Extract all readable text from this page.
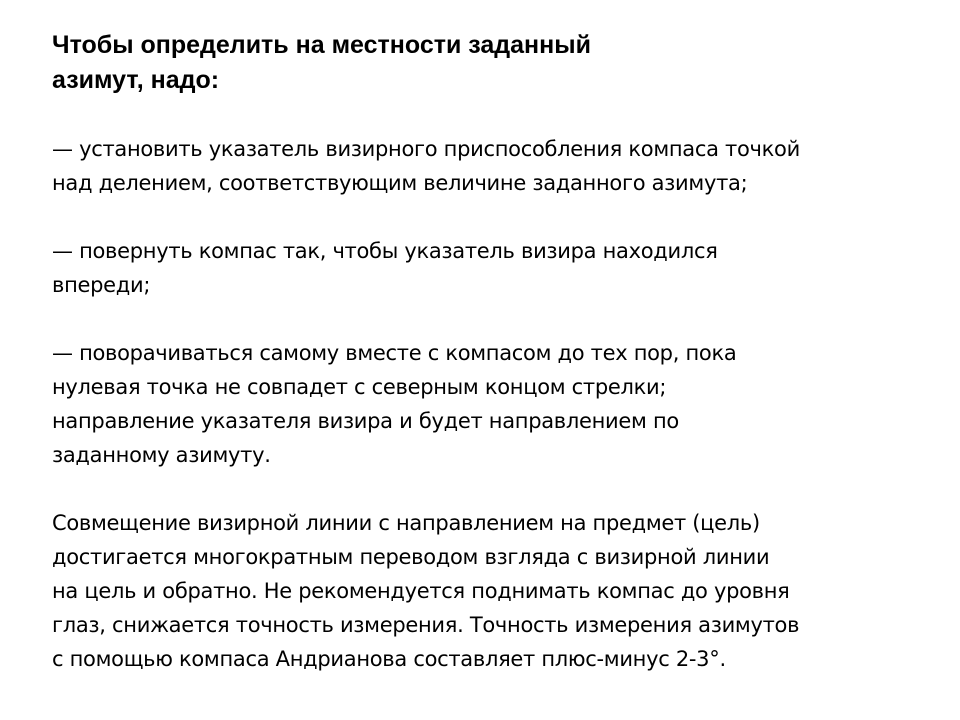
Чтобы определить на местности заданный
азимут, надо:

— установить указатель визирного приспособления компаса точкой
над делением, соответствующим величине заданного азимута;

— повернуть компас так, чтобы указатель визира находился
впереди;

— поворачиваться самому вместе с компасом до тех пор, пока
нулевая точка не совпадет с северным концом стрелки;
направление указателя визира и будет направлением по
заданному азимуту.

Совмещение визирной линии с направлением на предмет (цель)
достигается многократным переводом взгляда с визирной линии
на цель и обратно. Не рекомендуется поднимать компас до уровня
глаз, снижается точность измерения. Точность измерения азимутов
с помощью компаса Андрианова составляет плюс-минус 2-3°.
